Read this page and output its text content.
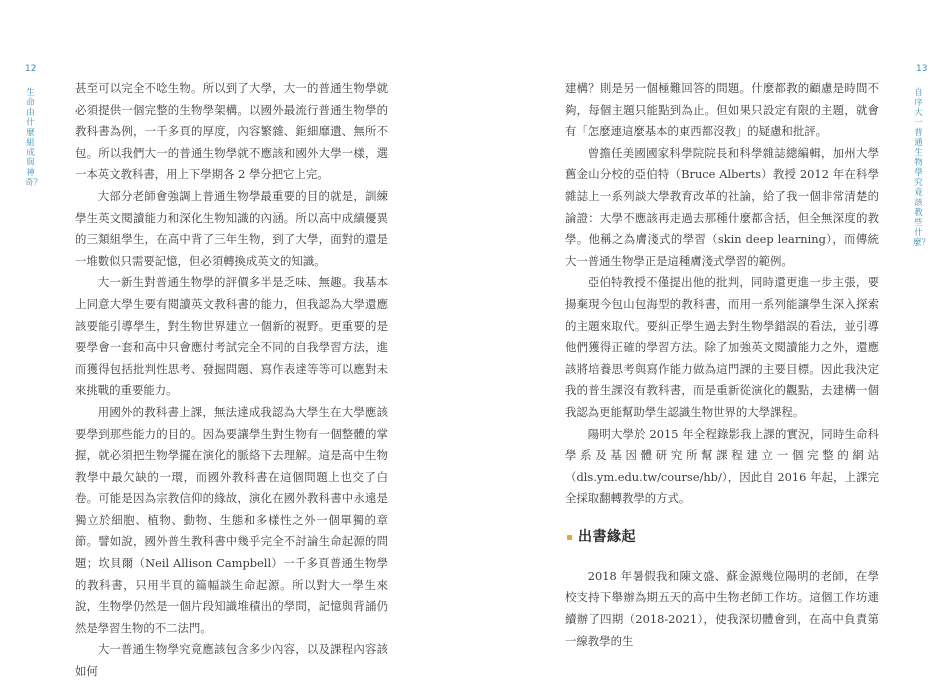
12
生命由什麼組成與神奇？

甚至可以完全不唸生物。所以到了大學，大一的普通生物學就必須提供一個完整的生物學架構。以國外最流行普通生物學的教科書為例，一千多頁的厚度，內容繁雜、鉅細靡遺、無所不包。所以我們大一的普通生物學就不應該和國外大學一樣，選一本英文教科書，用上下學期各 2 學分把它上完。

大部分老師會強調上普通生物學最重要的目的就是，訓練學生英文閱讀能力和深化生物知識的內涵。所以高中成績優異的三類組學生，在高中背了三年生物，到了大學，面對的還是一堆數似只需要記憶，但必須轉換成英文的知識。

大一新生對普通生物學的評價多半是乏味、無趣。我基本上同意大學生要有閱讀英文教科書的能力，但我認為大學還應該要能引導學生，對生物世界建立一個新的視野。更重要的是要學會一套和高中只會應付考試完全不同的自我學習方法，進而獲得包括批判性思考、發掘問題、寫作表達等等可以應對未來挑戰的重要能力。

用國外的教科書上課，無法達成我認為大學生在大學應該要學到那些能力的目的。因為要讓學生對生物有一個整體的掌握，就必須把生物學擺在演化的脈絡下去理解。這是高中生物教學中最欠缺的一環，而國外教科書在這個問題上也交了白卷。可能是因為宗教信仰的緣故，演化在國外教科書中永遠是獨立於細胞、植物、動物、生態和多樣性之外一個單獨的章節。譬如說，國外普生教科書中幾乎完全不討論生命起源的問題；坎貝爾（Neil Allison Campbell）一千多頁普通生物學的教科書，只用半頁的篇幅談生命起源。所以對大一學生來說，生物學仍然是一個片段知識堆積出的學問，記憶與背誦仍然是學習生物的不二法門。

大一普通生物學究竟應該包含多少內容，以及課程內容該如何

13
自序　大一普通生物學究竟該教些什麼？

建構？則是另一個極難回答的問題。什麼都教的顧慮是時間不夠，每個主題只能點到為止。但如果只設定有限的主題，就會有「怎麼連這麼基本的東西都沒教」的疑慮和批評。

曾擔任美國國家科學院院長和科學雜誌總編輯，加州大學舊金山分校的亞伯特（Bruce Alberts）教授 2012 年在科學雜誌上一系列談大學教育改革的社論，給了我一個非常清楚的論證：大學不應該再走過去那種什麼都含括，但全無深度的教學。他稱之為膚淺式的學習（skin deep learning），而傳統大一普通生物學正是這種膚淺式學習的範例。

亞伯特教授不僅提出他的批判，同時還更進一步主張，要揚棄現今包山包海型的教科書，而用一系列能讓學生深入探索的主題來取代。要糾正學生過去對生物學錯誤的看法，並引導他們獲得正確的學習方法。除了加強英文閱讀能力之外，還應該將培養思考與寫作能力做為這門課的主要目標。因此我決定我的普生課沒有教科書，而是重新從演化的觀點，去建構一個我認為更能幫助學生認識生物世界的大學課程。

陽明大學於 2015 年全程錄影我上課的實況，同時生命科學系及基因體研究所幫課程建立一個完整的網站（dls.ym.edu.tw/course/hb/），因此自 2016 年起，上課完全採取翻轉教學的方式。

出書緣起

2018 年暑假我和陳文盛、蘇金源幾位陽明的老師，在學校支持下舉辦為期五天的高中生物老師工作坊。這個工作坊連續辦了四期（2018-2021），使我深切體會到，在高中負責第一線教學的生
